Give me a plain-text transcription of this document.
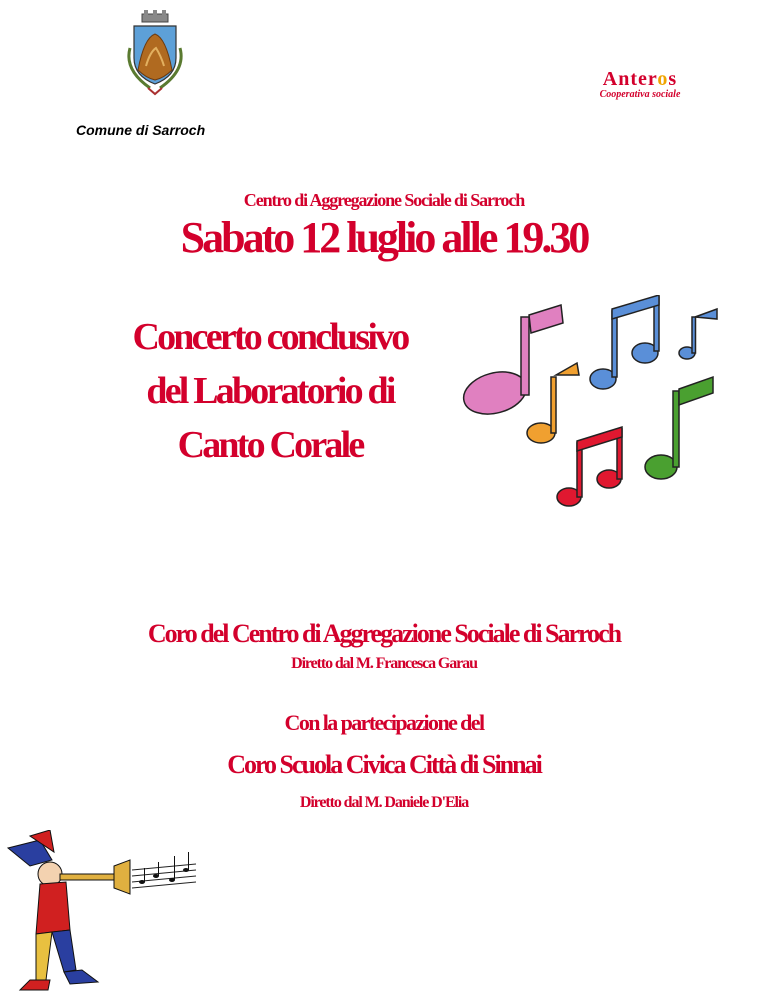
Anteros
Cooperativa sociale
Comune di Sarroch
Centro di Aggregazione Sociale di Sarroch
Sabato 12 luglio alle 19.30
Concerto conclusivo
del Laboratorio di
Canto Corale
Coro del Centro di Aggregazione Sociale di Sarroch
Diretto dal M. Francesca Garau
Con la partecipazione del
Coro Scuola Civica Città di Sinnai
Diretto dal M. Daniele D'Elia
